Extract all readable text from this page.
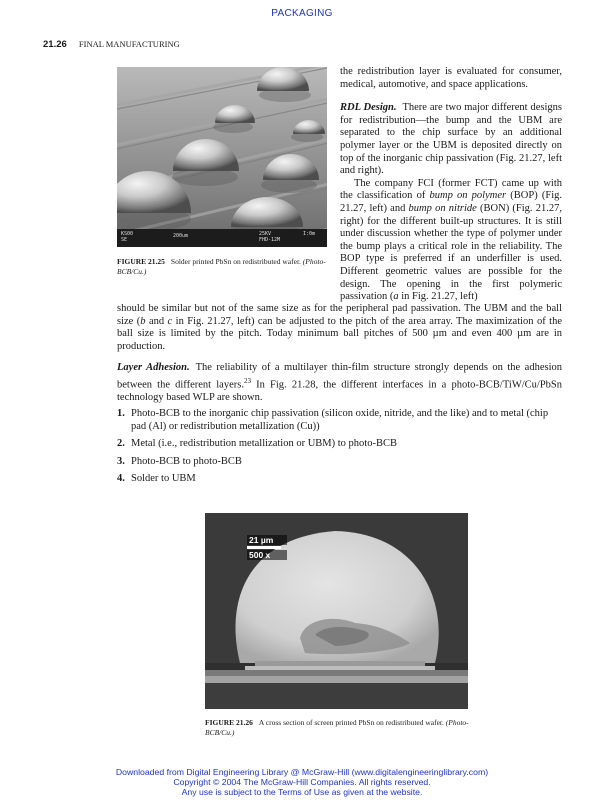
PACKAGING
21.26 FINAL MANUFACTURING
KS00
SE
200um	25KV
FHD-12M
I:0m
FIGURE 21.25 Solder printed PbSn on redistributed wafer. (Photo-BCB/Cu.)

the redistribution layer is evaluated for consumer, medical, automotive, and space applications.

RDL Design. There are two major different designs for redistribution—the bump and the UBM are separated to the chip surface by an additional polymer layer or the UBM is deposited directly on top of the inorganic chip passivation (Fig. 21.27, left and right).

The company FCI (former FCT) came up with the classification of bump on polymer (BOP) (Fig. 21.27, left) and bump on nitride (BON) (Fig. 21.27, right) for the different built-up structures. It is still under discussion whether the type of polymer under the bump plays a critical role in the reliability. The BOP type is preferred if an underfiller is used. Different geometric values are possible for the design. The opening in the first polymeric passivation (a in Fig. 21.27, left)

should be similar but not of the same size as for the peripheral pad passivation. The UBM and the ball size (b and c in Fig. 21.27, left) can be adjusted to the pitch of the area array. The maximization of the ball size is limited by the pitch. Today minimum ball pitches of 500 µm and even 400 µm are in production.
Layer Adhesion. The reliability of a multilayer thin-film structure strongly depends on the adhesion between the different layers.$^{23}$ In Fig. 21.28, the different interfaces in a photo-BCB/TiW/Cu/PbSn technology based WLP are shown.
1. Photo-BCB to the inorganic chip passivation (silicon oxide, nitride, and the like) and to metal (chip pad (Al) or redistribution metallization (Cu))
2. Metal (i.e., redistribution metallization or UBM) to photo-BCB
3. Photo-BCB to photo-BCB
4. Solder to UBM
21 µm
500 x
FIGURE 21.26 A cross section of screen printed PbSn on redistributed wafer. (Photo-BCB/Cu.)
Downloaded from Digital Engineering Library @ McGraw-Hill (www.digitalengineeringlibrary.com)
Copyright © 2004 The McGraw-Hill Companies. All rights reserved.
Any use is subject to the Terms of Use as given at the website.
